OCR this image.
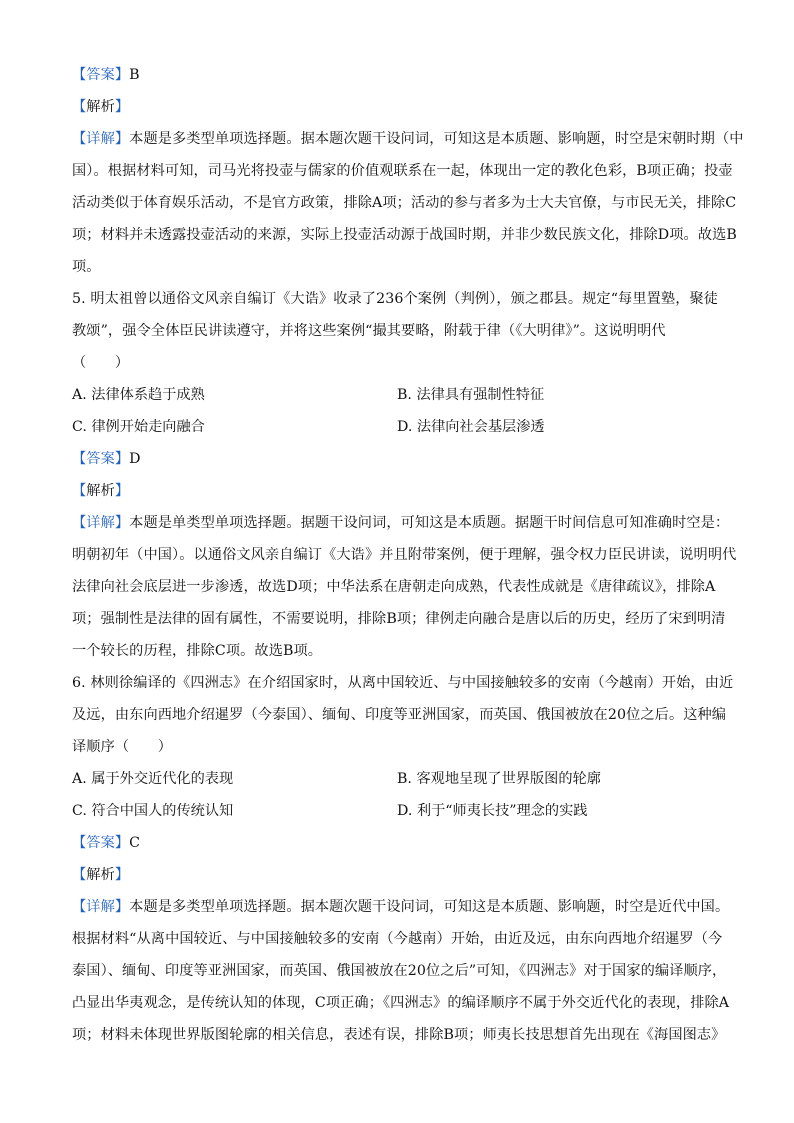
【答案】B
【解析】
【详解】本题是多类型单项选择题。据本题次题干设问词，可知这是本质题、影响题，时空是宋朝时期（中
国）。根据材料可知，司马光将投壶与儒家的价值观联系在一起，体现出一定的教化色彩，B项正确；投壶
活动类似于体育娱乐活动，不是官方政策，排除A项；活动的参与者多为士大夫官僚，与市民无关，排除C
项；材料并未透露投壶活动的来源，实际上投壶活动源于战国时期，并非少数民族文化，排除D项。故选B
项。
5. 明太祖曾以通俗文风亲自编订《大诰》收录了236个案例（判例），颁之郡县。规定“每里置塾，聚徒
教颂”，强令全体臣民讲读遵守，并将这些案例“撮其要略，附载于律（《大明律》”。这说明明代
（　　）
A. 法律体系趋于成熟	B. 法律具有强制性特征
C. 律例开始走向融合	D. 法律向社会基层渗透
【答案】D
【解析】
【详解】本题是单类型单项选择题。据题干设问词，可知这是本质题。据题干时间信息可知准确时空是：
明朝初年（中国）。以通俗文风亲自编订《大诰》并且附带案例，便于理解，强令权力臣民讲读，说明明代
法律向社会底层进一步渗透，故选D项；中华法系在唐朝走向成熟，代表性成就是《唐律疏议》，排除A
项；强制性是法律的固有属性，不需要说明，排除B项；律例走向融合是唐以后的历史，经历了宋到明清
一个较长的历程，排除C项。故选B项。
6. 林则徐编译的《四洲志》在介绍国家时，从离中国较近、与中国接触较多的安南（今越南）开始，由近
及远，由东向西地介绍暹罗（今泰国）、缅甸、印度等亚洲国家，而英国、俄国被放在20位之后。这种编
译顺序（　　）
A. 属于外交近代化的表现	B. 客观地呈现了世界版图的轮廓
C. 符合中国人的传统认知	D. 利于“师夷长技”理念的实践
【答案】C
【解析】
【详解】本题是多类型单项选择题。据本题次题干设问词，可知这是本质题、影响题，时空是近代中国。
根据材料“从离中国较近、与中国接触较多的安南（今越南）开始，由近及远，由东向西地介绍暹罗（今
泰国）、缅甸、印度等亚洲国家，而英国、俄国被放在20位之后”可知，《四洲志》对于国家的编译顺序，
凸显出华夷观念，是传统认知的体现，C项正确；《四洲志》的编译顺序不属于外交近代化的表现，排除A
项；材料未体现世界版图轮廓的相关信息，表述有误，排除B项；师夷长技思想首先出现在《海国图志》
